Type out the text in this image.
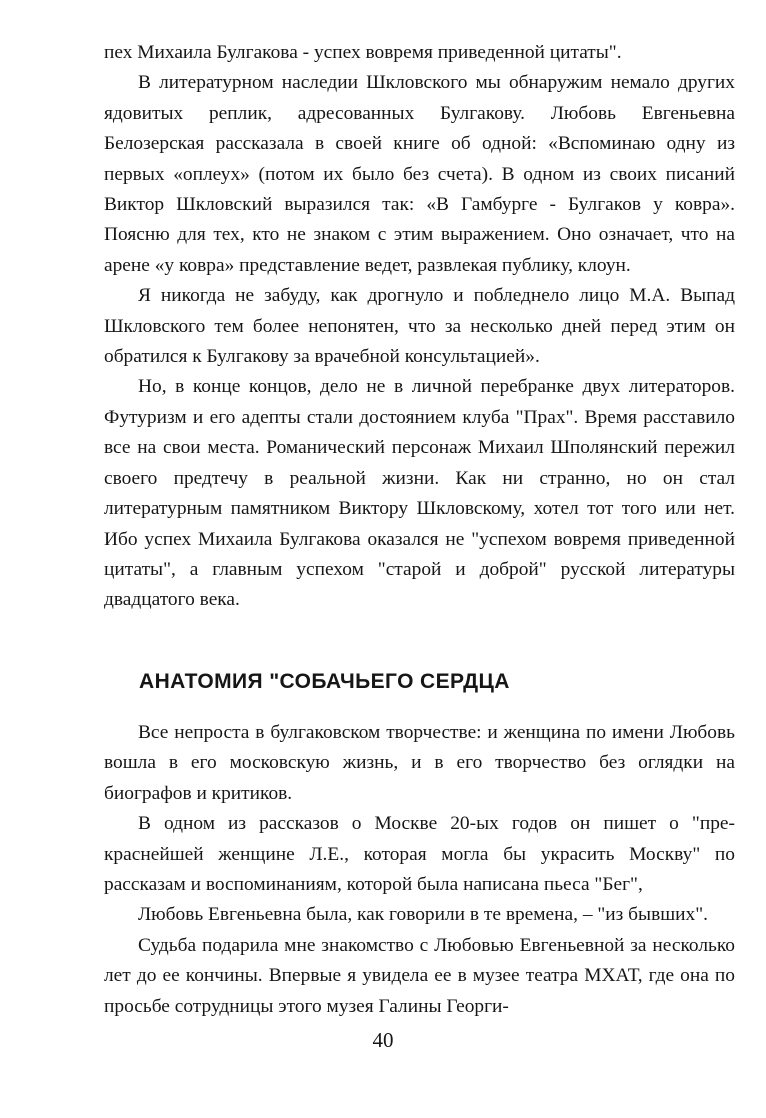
пех Михаила Булгакова - успех вовремя приведенной цитаты".

В литературном наследии Шкловского мы обнаружим немало других ядовитых реплик, адресованных Булгакову. Любовь Евгеньевна Белозерская рассказала в своей книге об одной: «Вспоминаю одну из первых «оплеух» (потом их было без счета). В одном из своих писаний Виктор Шкловский выразился так: «В Гамбурге - Булгаков у ковра». Поясню для тех, кто не знаком с этим выражением. Оно означает, что на арене «у ковра» представление ведет, развлекая публику, клоун.

Я никогда не забуду, как дрогнуло и побледнело лицо М.А. Выпад Шкловского тем более непонятен, что за несколько дней перед этим он обратился к Булгакову за врачебной консультацией».

Но, в конце концов, дело не в личной перебранке двух литераторов. Футуризм и его адепты стали достоянием клуба "Прах". Время расставило все на свои места. Романический персонаж Михаил Шполянский пережил своего предтечу в реальной жизни. Как ни странно, но он стал литературным памятником Виктору Шкловскому, хотел тот того или нет. Ибо успех Михаила Булгакова оказался не "успехом вовремя приведенной цитаты", а главным успехом "старой и доброй" русской литературы двадцатого века.

АНАТОМИЯ "СОБАЧЬЕГО СЕРДЦА

Все непроста в булгаковском творчестве: и женщина по имени Любовь вошла в его московскую жизнь, и в его творчество без оглядки на биографов и критиков.

В одном из рассказов о Москве 20-ых годов он пишет о "прекраснейшей женщине Л.Е., которая могла бы украсить Москву" по рассказам и воспоминаниям, которой была написана пьеса "Бег",

Любовь Евгеньевна была, как говорили в те времена, – "из бывших".

Судьба подарила мне знакомство с Любовью Евгеньевной за несколько лет до ее кончины. Впервые я увидела ее в музее театра МХАТ, где она по просьбе сотрудницы этого музея Галины Георги-

40
